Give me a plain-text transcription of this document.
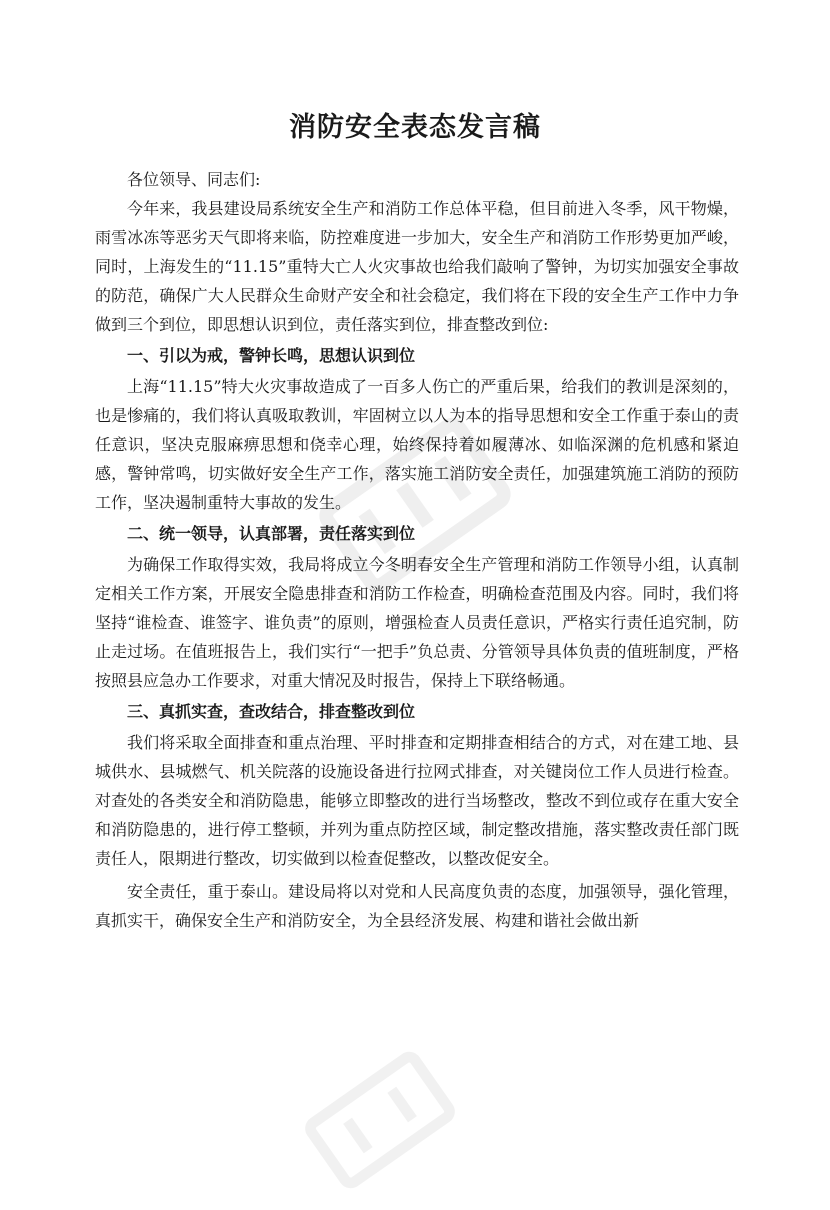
消防安全表态发言稿

各位领导、同志们:

今年来，我县建设局系统安全生产和消防工作总体平稳，但目前进入冬季，风干物燥，雨雪冰冻等恶劣天气即将来临，防控难度进一步加大，安全生产和消防工作形势更加严峻，同时，上海发生的“11.15”重特大亡人火灾事故也给我们敲响了警钟，为切实加强安全事故的防范，确保广大人民群众生命财产安全和社会稳定，我们将在下段的安全生产工作中力争做到三个到位，即思想认识到位，责任落实到位，排查整改到位:

一、引以为戒，警钟长鸣，思想认识到位

上海“11.15”特大火灾事故造成了一百多人伤亡的严重后果，给我们的教训是深刻的，也是惨痛的，我们将认真吸取教训，牢固树立以人为本的指导思想和安全工作重于泰山的责任意识，坚决克服麻痹思想和侥幸心理，始终保持着如履薄冰、如临深渊的危机感和紧迫感，警钟常鸣，切实做好安全生产工作，落实施工消防安全责任，加强建筑施工消防的预防工作，坚决遏制重特大事故的发生。

二、统一领导，认真部署，责任落实到位

为确保工作取得实效，我局将成立今冬明春安全生产管理和消防工作领导小组，认真制定相关工作方案，开展安全隐患排查和消防工作检查，明确检查范围及内容。同时，我们将坚持“谁检查、谁签字、谁负责”的原则，增强检查人员责任意识，严格实行责任追究制，防止走过场。在值班报告上，我们实行“一把手”负总责、分管领导具体负责的值班制度，严格按照县应急办工作要求，对重大情况及时报告，保持上下联络畅通。

三、真抓实查，查改结合，排查整改到位

我们将采取全面排查和重点治理、平时排查和定期排查相结合的方式，对在建工地、县城供水、县城燃气、机关院落的设施设备进行拉网式排查，对关键岗位工作人员进行检查。对查处的各类安全和消防隐患，能够立即整改的进行当场整改，整改不到位或存在重大安全和消防隐患的，进行停工整顿，并列为重点防控区域，制定整改措施，落实整改责任部门既责任人，限期进行整改，切实做到以检查促整改，以整改促安全。

安全责任，重于泰山。建设局将以对党和人民高度负责的态度，加强领导，强化管理，真抓实干，确保安全生产和消防安全，为全县经济发展、构建和谐社会做出新
